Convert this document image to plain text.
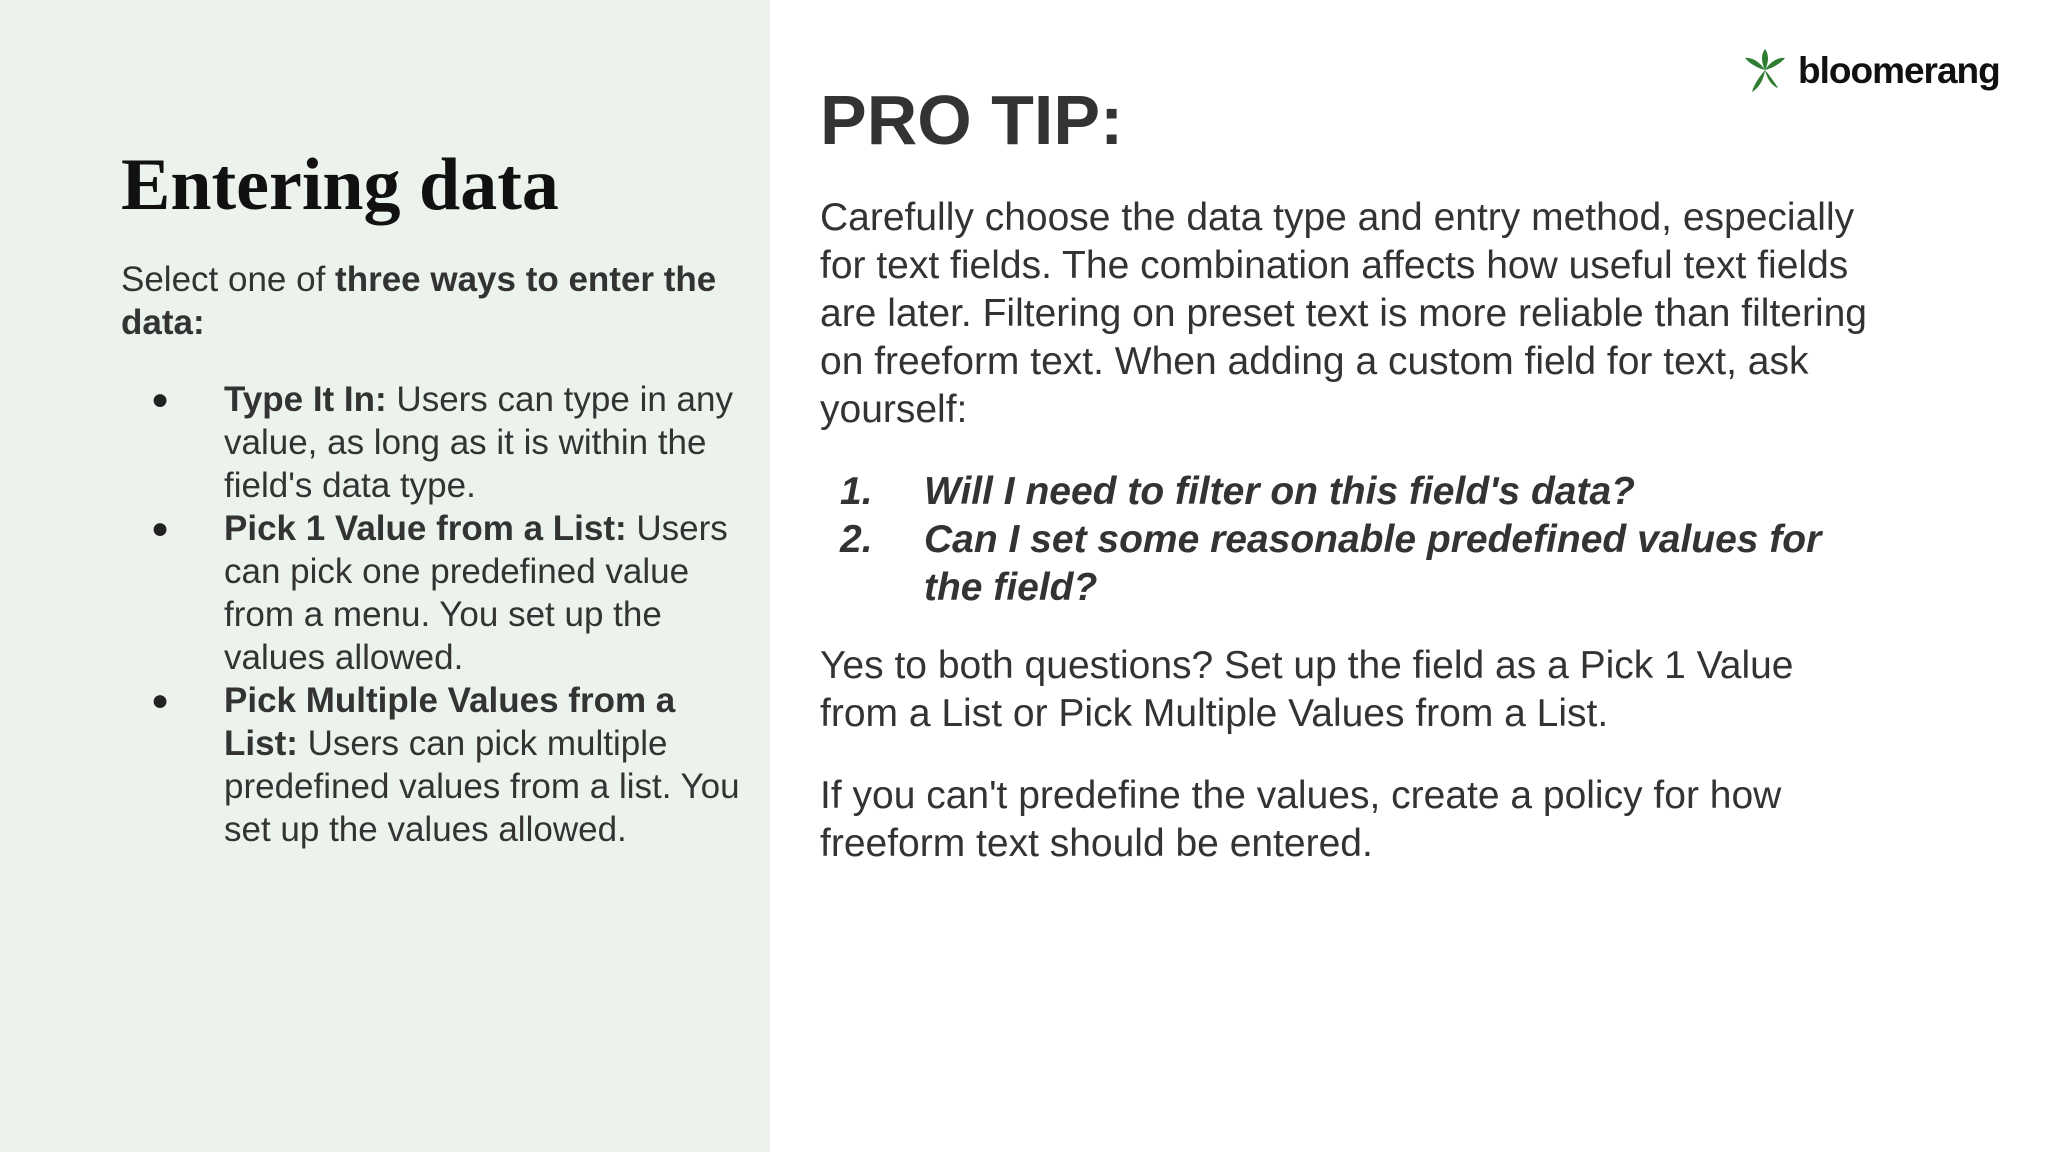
Entering data

Select one of three ways to enter the data:

● Type It In: Users can type in any value, as long as it is within the field's data type.
● Pick 1 Value from a List: Users can pick one predefined value from a menu. You set up the values allowed.
● Pick Multiple Values from a List: Users can pick multiple predefined values from a list. You set up the values allowed.
bloomerang
PRO TIP:

Carefully choose the data type and entry method, especially for text fields. The combination affects how useful text fields are later. Filtering on preset text is more reliable than filtering on freeform text. When adding a custom field for text, ask yourself:

1. Will I need to filter on this field's data?
2. Can I set some reasonable predefined values for the field?

Yes to both questions? Set up the field as a Pick 1 Value from a List or Pick Multiple Values from a List.

If you can't predefine the values, create a policy for how freeform text should be entered.
